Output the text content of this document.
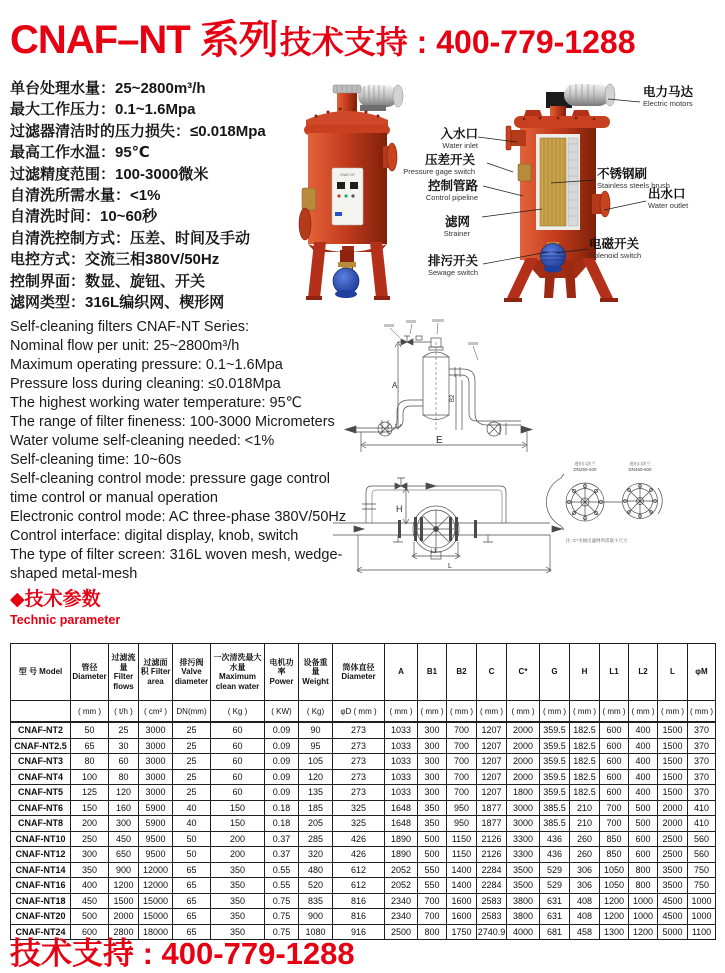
CNAF–NT 系列技术支持 : 400-779-1288
单台处理水量：25~2800m³/h
最大工作压力：0.1~1.6Mpa
过滤器清洁时的压力损失：≤0.018Mpa
最高工作水温：95℃
过滤精度范围：100-3000微米
自清洗所需水量：<1%
自清洗时间：10~60秒
自清洗控制方式：压差、时间及手动
电控方式：交流三相380V/50Hz
控制界面：数显、旋钮、开关
滤网类型：316L编织网、楔形网
Self-cleaning filters CNAF-NT Series:
Nominal flow per unit: 25~2800m³/h
Maximum operating pressure: 0.1~1.6Mpa
Pressure loss during cleaning: ≤0.018Mpa
The highest working water temperature: 95℃
The range of filter fineness: 100-3000 Micrometers
Water volume self-cleaning needed: <1%
Self-cleaning time: 10~60s
Self-cleaning control mode: pressure gage control
time control or manual operation
Electronic control mode: AC three-phase 380V/50Hz
Control interface: digital display, knob, switch
The type of filter screen: 316L woven mesh, wedge-
shaped metal-mesh
CNAF-NT
入水口
Water inlet
压差开关
Pressure gage switch
控制管路
Control pipeline
滤网
Strainer
排污开关
Sewage switch
电力马达
Electric motors
不锈钢刷
Stainless steels brush
出水口
Water outlet
电磁开关
Solenoid switch
A
B2
E
H
L1
L
进出口法兰
DN250-400
进出口法兰
DN450-600
注: C*为抽出滤网所需最小尺寸
◆技术参数
Technic parameter
型 号 Model	管径 Diameter	过滤流量 Filter flows	过滤面积 Filter area	排污阀 Valve diameter	一次清洗最大水量 Maximum clean water	电机功率 Power	设备重量 Weight	筒体直径 Diameter	A	B1	B2	C	C*	G	H	L1	L2	L	φM
	( mm )	( t/h )	( cm² )	DN(mm)	( Kg )	( KW)	( Kg)	φD ( mm )	( mm )	( mm )	( mm )	( mm )	( mm )	( mm )	( mm )	( mm )	( mm )	( mm )	( mm )
CNAF-NT2	50	25	3000	25	60	0.09	90	273	1033	300	700	1207	2000	359.5	182.5	600	400	1500	370
CNAF-NT2.5	65	30	3000	25	60	0.09	95	273	1033	300	700	1207	2000	359.5	182.5	600	400	1500	370
CNAF-NT3	80	60	3000	25	60	0.09	105	273	1033	300	700	1207	2000	359.5	182.5	600	400	1500	370
CNAF-NT4	100	80	3000	25	60	0.09	120	273	1033	300	700	1207	2000	359.5	182.5	600	400	1500	370
CNAF-NT5	125	120	3000	25	60	0.09	135	273	1033	300	700	1207	1800	359.5	182.5	600	400	1500	370
CNAF-NT6	150	160	5900	40	150	0.18	185	325	1648	350	950	1877	3000	385.5	210	700	500	2000	410
CNAF-NT8	200	300	5900	40	150	0.18	205	325	1648	350	950	1877	3000	385.5	210	700	500	2000	410
CNAF-NT10	250	450	9500	50	200	0.37	285	426	1890	500	1150	2126	3300	436	260	850	600	2500	560
CNAF-NT12	300	650	9500	50	200	0.37	320	426	1890	500	1150	2126	3300	436	260	850	600	2500	560
CNAF-NT14	350	900	12000	65	350	0.55	480	612	2052	550	1400	2284	3500	529	306	1050	800	3500	750
CNAF-NT16	400	1200	12000	65	350	0.55	520	612	2052	550	1400	2284	3500	529	306	1050	800	3500	750
CNAF-NT18	450	1500	15000	65	350	0.75	835	816	2340	700	1600	2583	3800	631	408	1200	1000	4500	1000
CNAF-NT20	500	2000	15000	65	350	0.75	900	816	2340	700	1600	2583	3800	631	408	1200	1000	4500	1000
CNAF-NT24	600	2800	18000	65	350	0.75	1080	916	2500	800	1750	2740.9	4000	681	458	1300	1200	5000	1100
技术支持 : 400-779-1288
